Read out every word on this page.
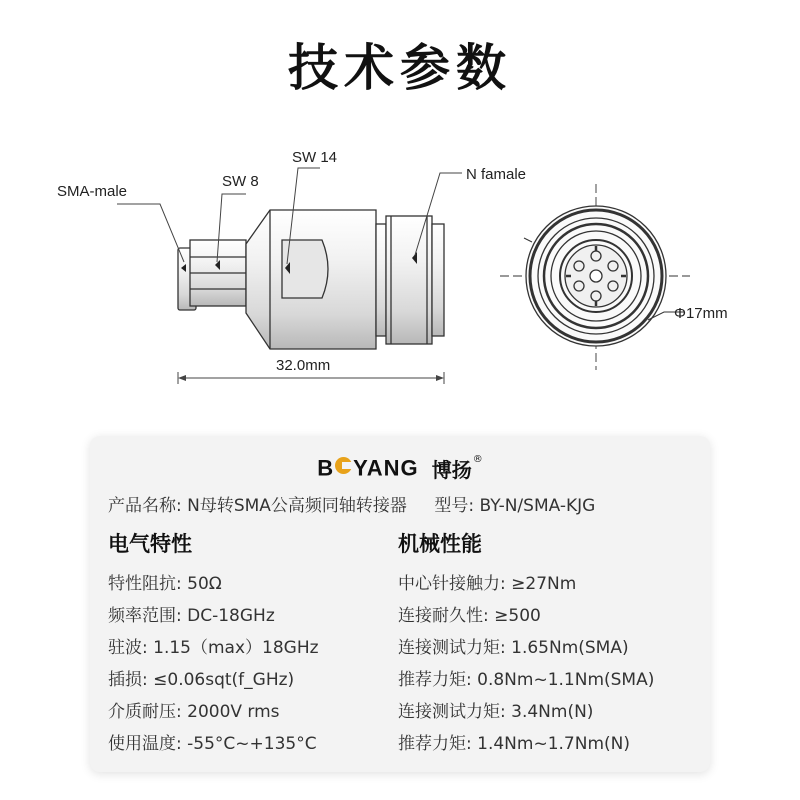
技术参数
SMA-male
SW 8
SW 14
N famale
32.0mm
Φ17mm
B YANG 博扬®
产品名称: N母转SMA公高频同轴转接器 型号: BY-N/SMA-KJG
电气特性
特性阻抗: 50Ω
频率范围: DC-18GHz
驻波: 1.15（max）18GHz
插损: ≤0.06sqt(f_GHz)
介质耐压: 2000V rms
使用温度: -55°C~+135°C
机械性能
中心针接触力: ≥27Nm
连接耐久性: ≥500
连接测试力矩: 1.65Nm(SMA)
推荐力矩: 0.8Nm~1.1Nm(SMA)
连接测试力矩: 3.4Nm(N)
推荐力矩: 1.4Nm~1.7Nm(N)
